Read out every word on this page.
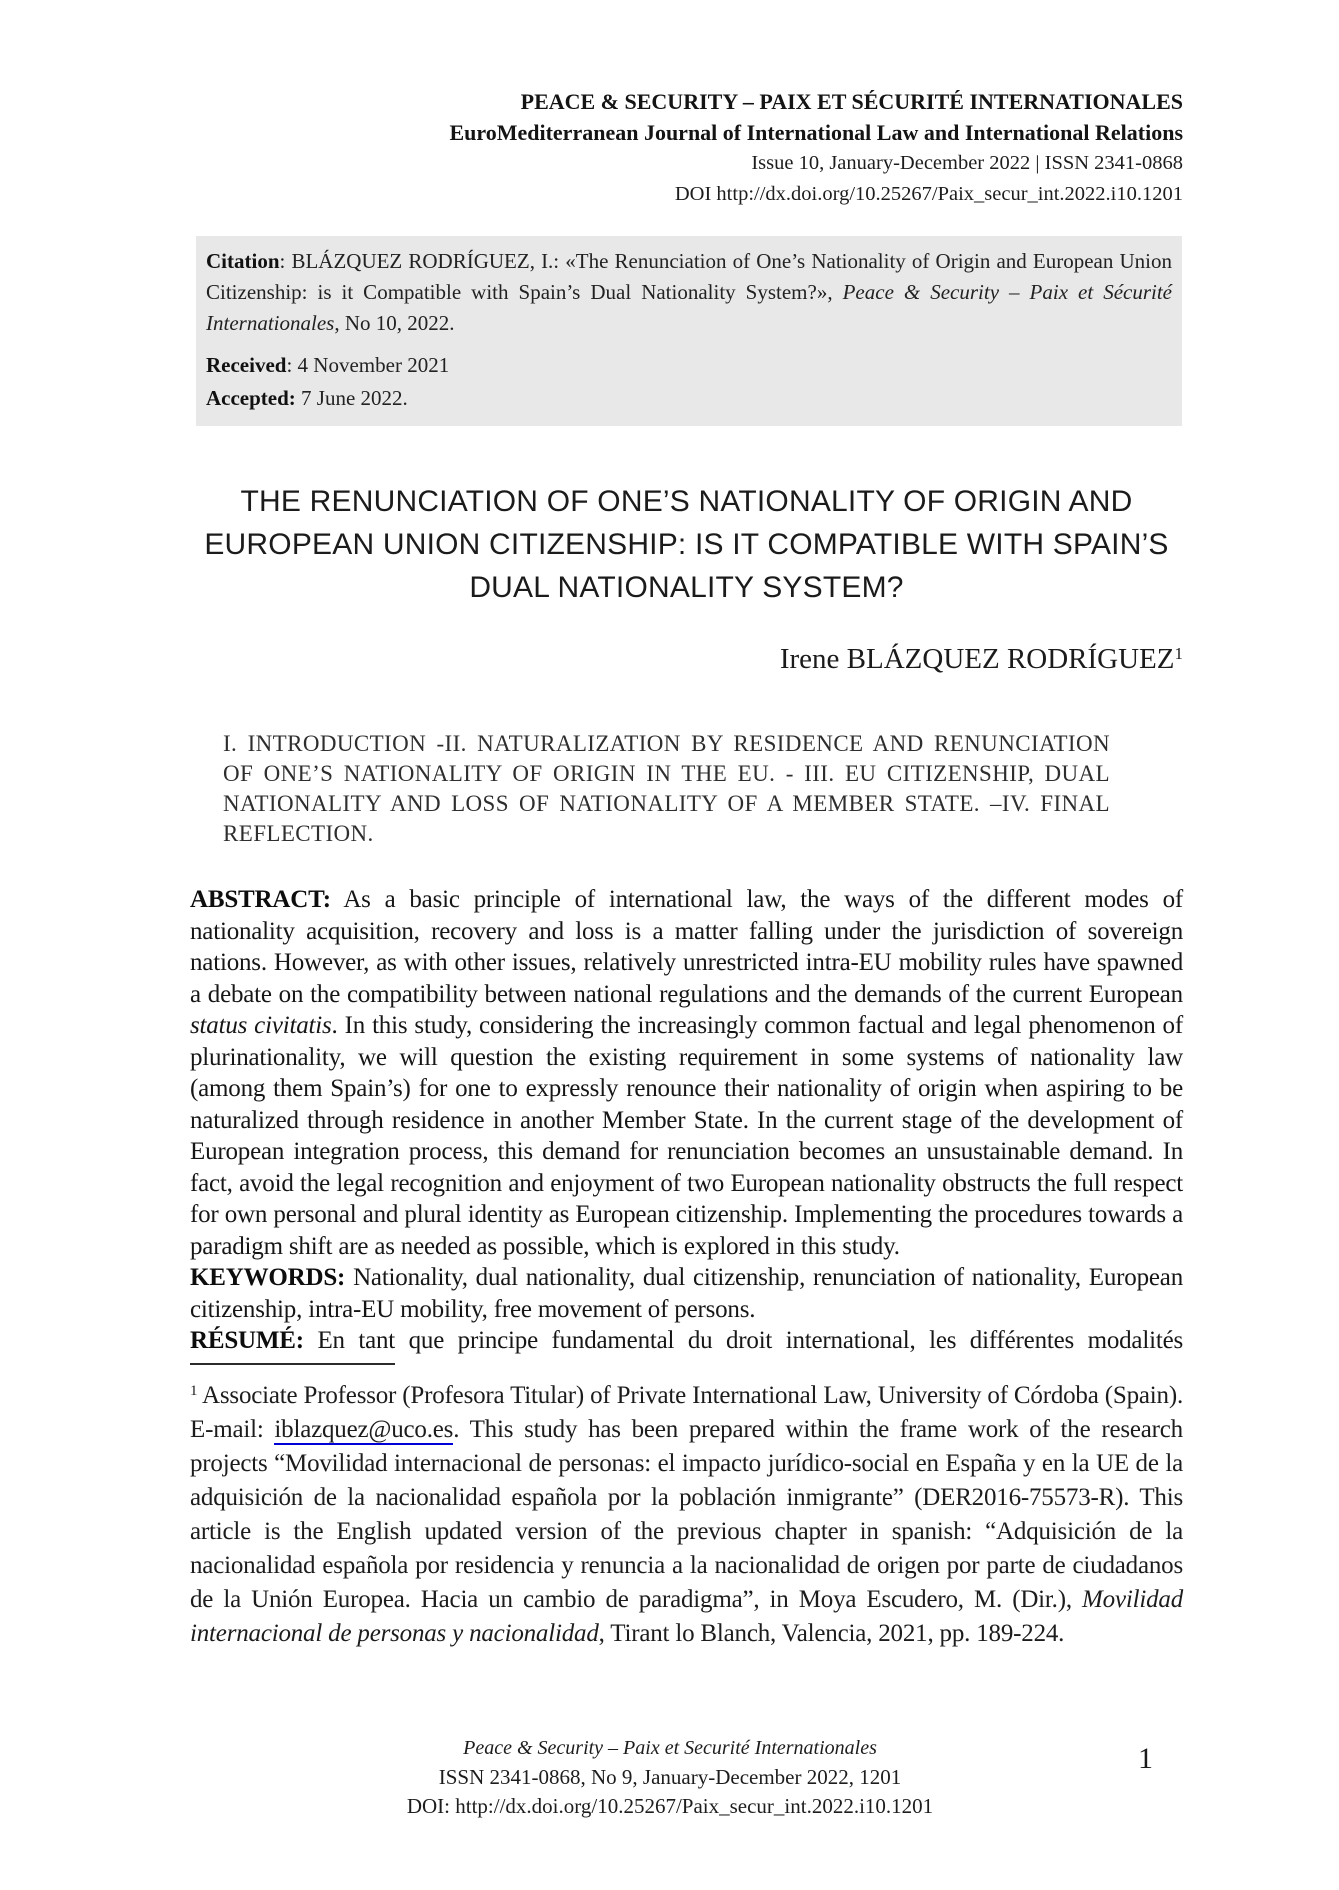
PEACE & SECURITY – PAIX ET SÉCURITÉ INTERNATIONALES
EuroMediterranean Journal of International Law and International Relations
Issue 10, January-December 2022 | ISSN 2341-0868
DOI http://dx.doi.org/10.25267/Paix_secur_int.2022.i10.1201

Citation: BLÁZQUEZ RODRÍGUEZ, I.: «The Renunciation of One’s Nationality of Origin and European Union Citizenship: is it Compatible with Spain’s Dual Nationality System?», Peace & Security – Paix et Sécurité Internationales, No 10, 2022.

Received: 4 November 2021

Accepted: 7 June 2022.

THE RENUNCIATION OF ONE’S NATIONALITY OF ORIGIN AND EUROPEAN UNION CITIZENSHIP: IS IT COMPATIBLE WITH SPAIN’S DUAL NATIONALITY SYSTEM?
Irene BLÁZQUEZ RODRÍGUEZ$^1$
I. INTRODUCTION -II. NATURALIZATION BY RESIDENCE AND RENUNCIATION OF ONE’S NATIONALITY OF ORIGIN IN THE EU. - III. EU CITIZENSHIP, DUAL NATIONALITY AND LOSS OF NATIONALITY OF A MEMBER STATE. –IV. FINAL REFLECTION.

ABSTRACT: As a basic principle of international law, the ways of the different modes of nationality acquisition, recovery and loss is a matter falling under the jurisdiction of sovereign nations. However, as with other issues, relatively unrestricted intra-EU mobility rules have spawned a debate on the compatibility between national regulations and the demands of the current European status civitatis. In this study, considering the increasingly common factual and legal phenomenon of plurinationality, we will question the existing requirement in some systems of nationality law (among them Spain’s) for one to expressly renounce their nationality of origin when aspiring to be naturalized through residence in another Member State. In the current stage of the development of European integration process, this demand for renunciation becomes an unsustainable demand. In fact, avoid the legal recognition and enjoyment of two European nationality obstructs the full respect for own personal and plural identity as European citizenship. Implementing the procedures towards a paradigm shift are as needed as possible, which is explored in this study.

KEYWORDS: Nationality, dual nationality, dual citizenship, renunciation of nationality, European citizenship, intra-EU mobility, free movement of persons.

RÉSUMÉ: En tant que principe fundamental du droit international, les différentes modalités

$^1$ Associate Professor (Profesora Titular) of Private International Law, University of Córdoba (Spain). E-mail: iblazquez@uco.es. This study has been prepared within the frame work of the research projects “Movilidad internacional de personas: el impacto jurídico-social en España y en la UE de la adquisición de la nacionalidad española por la población inmigrante” (DER2016-75573-R). This article is the English updated version of the previous chapter in spanish: “Adquisición de la nacionalidad española por residencia y renuncia a la nacionalidad de origen por parte de ciudadanos de la Unión Europea. Hacia un cambio de paradigma”, in Moya Escudero, M. (Dir.), Movilidad internacional de personas y nacionalidad, Tirant lo Blanch, Valencia, 2021, pp. 189-224.

Peace & Security – Paix et Securité Internationales
ISSN 2341-0868, No 9, January-December 2022, 1201
DOI: http://dx.doi.org/10.25267/Paix_secur_int.2022.i10.1201
1
